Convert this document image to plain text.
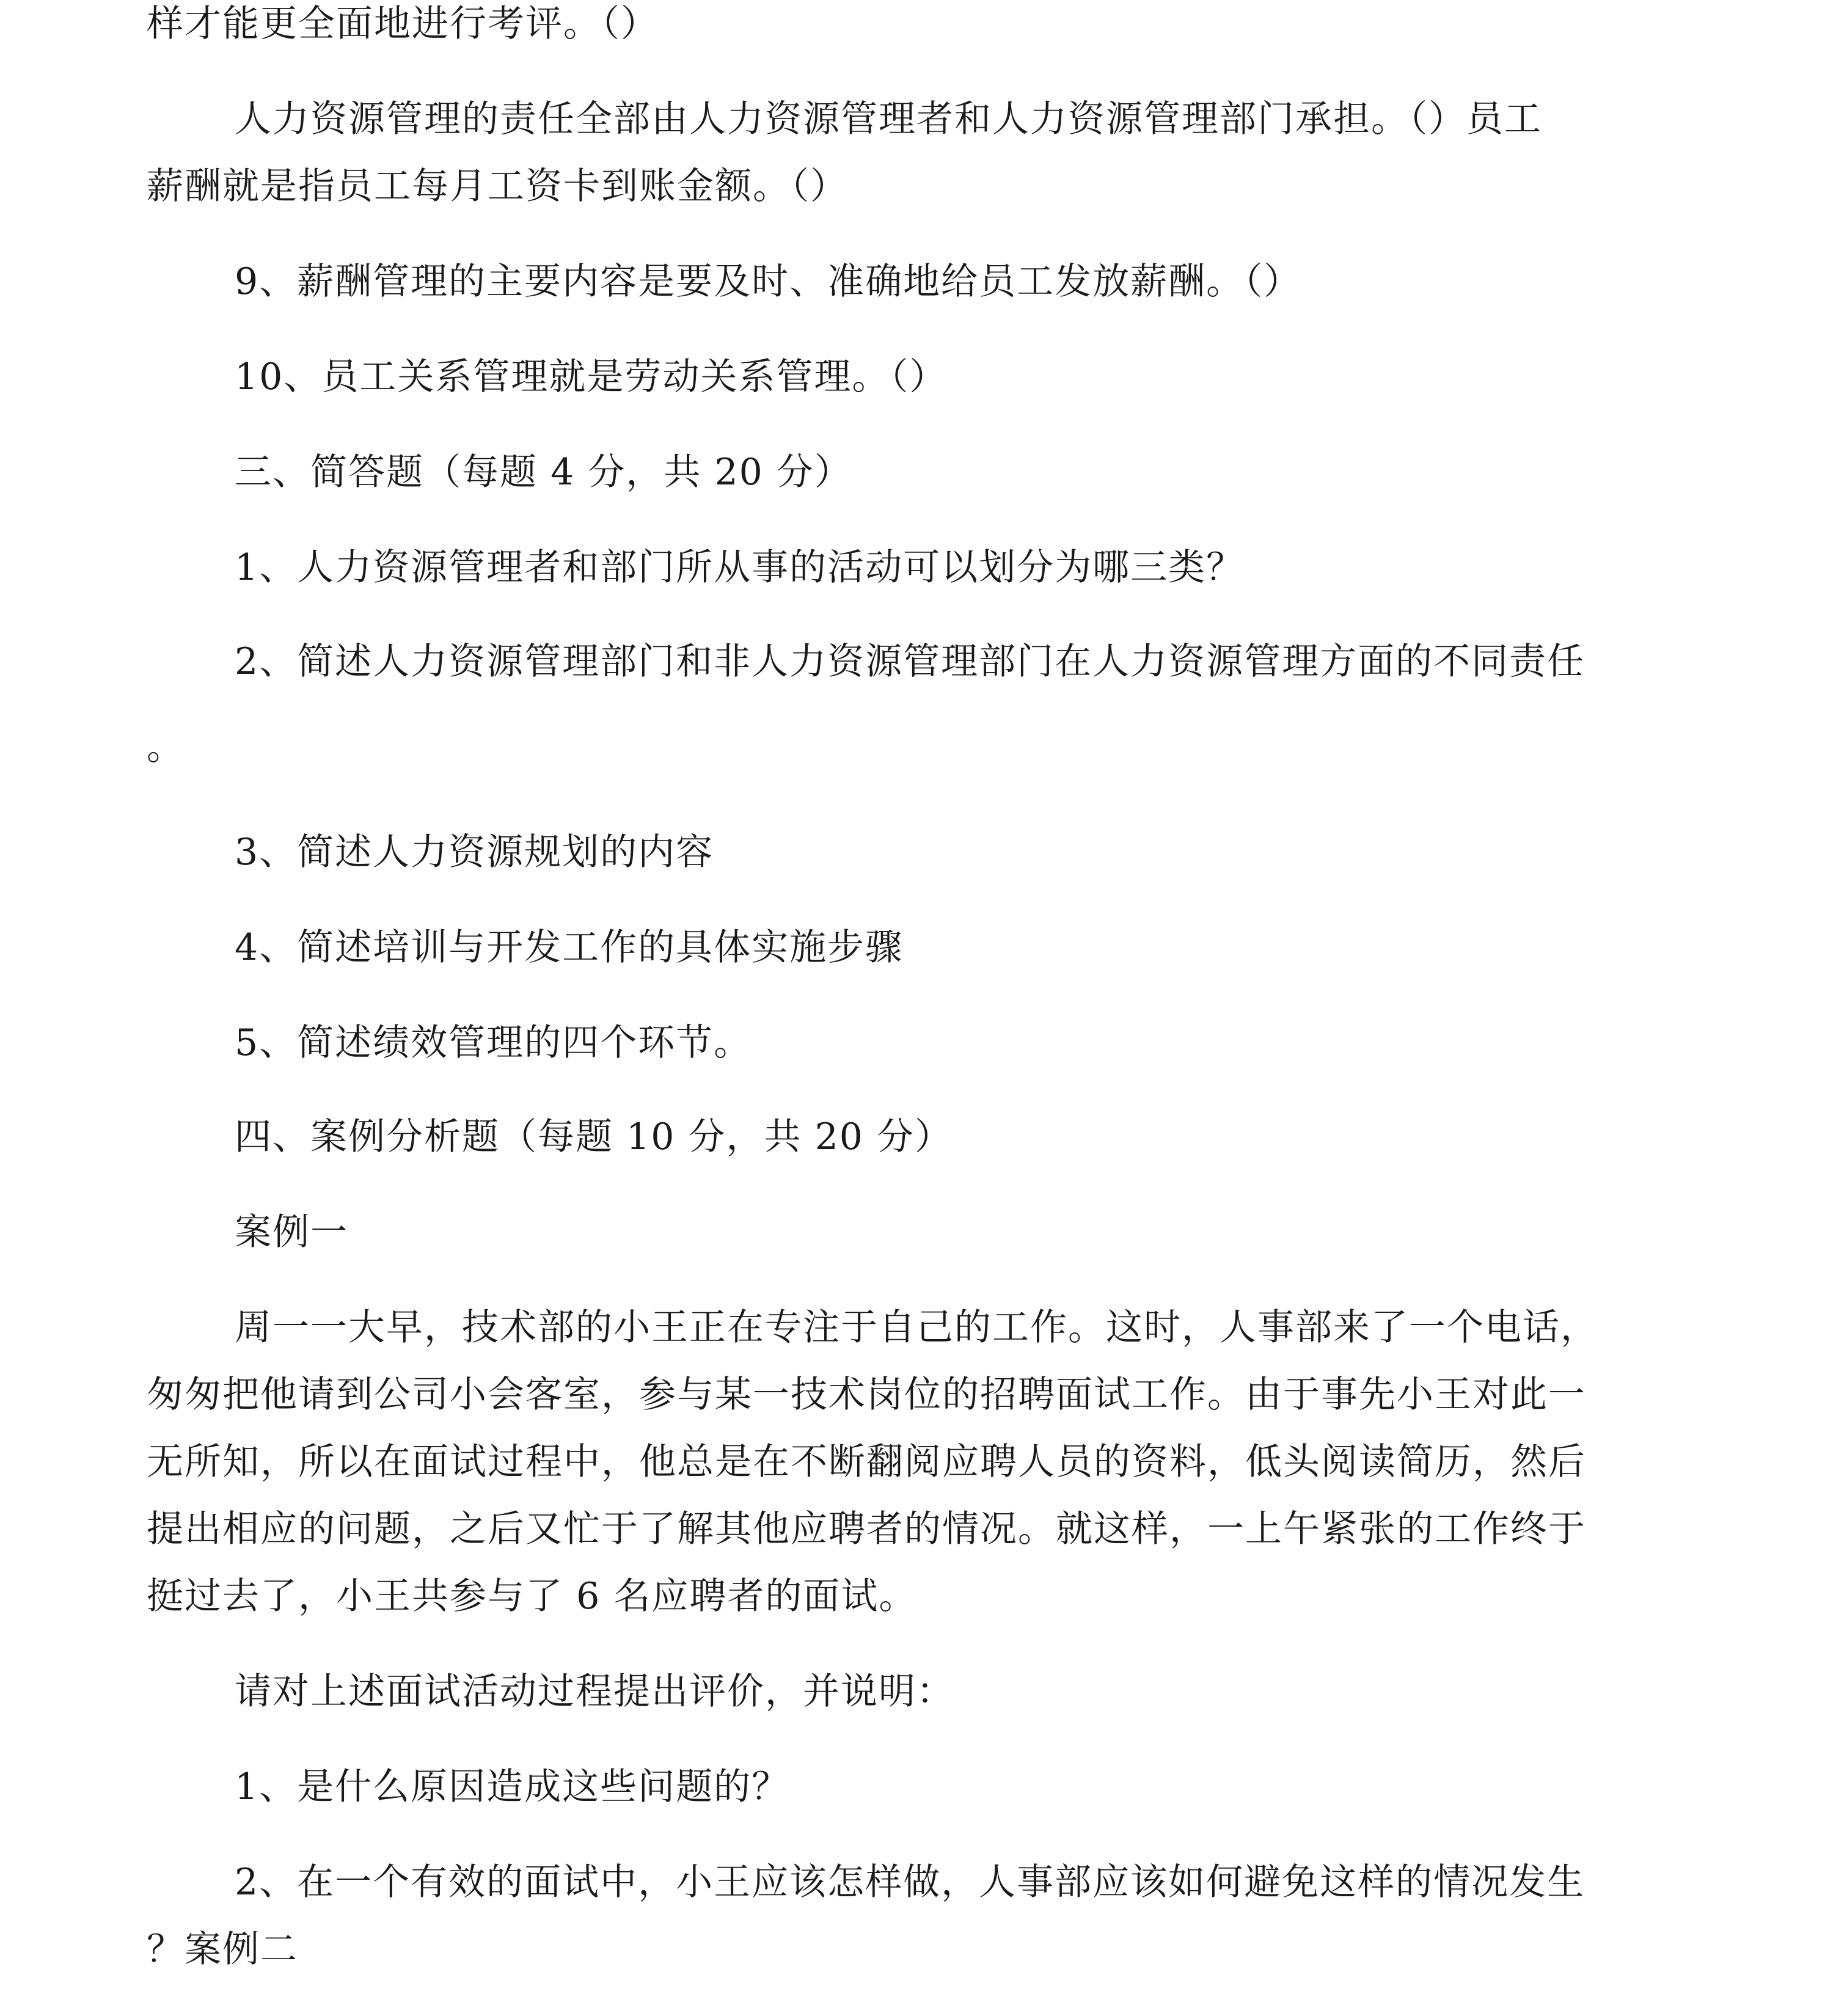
样才能更全面地进行考评。（）

人力资源管理的责任全部由人力资源管理者和人力资源管理部门承担。（）员工

薪酬就是指员工每月工资卡到账金额。（）

9、薪酬管理的主要内容是要及时、准确地给员工发放薪酬。（）

10、员工关系管理就是劳动关系管理。（）

三、简答题（每题 4 分，共 20 分）

1、人力资源管理者和部门所从事的活动可以划分为哪三类？

2、简述人力资源管理部门和非人力资源管理部门在人力资源管理方面的不同责任

。

3、简述人力资源规划的内容

4、简述培训与开发工作的具体实施步骤

5、简述绩效管理的四个环节。

四、案例分析题（每题 10 分，共 20 分）

案例一

周一一大早，技术部的小王正在专注于自己的工作。这时，人事部来了一个电话，

匆匆把他请到公司小会客室，参与某一技术岗位的招聘面试工作。由于事先小王对此一

无所知，所以在面试过程中，他总是在不断翻阅应聘人员的资料，低头阅读简历，然后

提出相应的问题，之后又忙于了解其他应聘者的情况。就这样，一上午紧张的工作终于

挺过去了，小王共参与了 6 名应聘者的面试。

请对上述面试活动过程提出评价，并说明：

1、是什么原因造成这些问题的？

2、在一个有效的面试中，小王应该怎样做，人事部应该如何避免这样的情况发生

？案例二
